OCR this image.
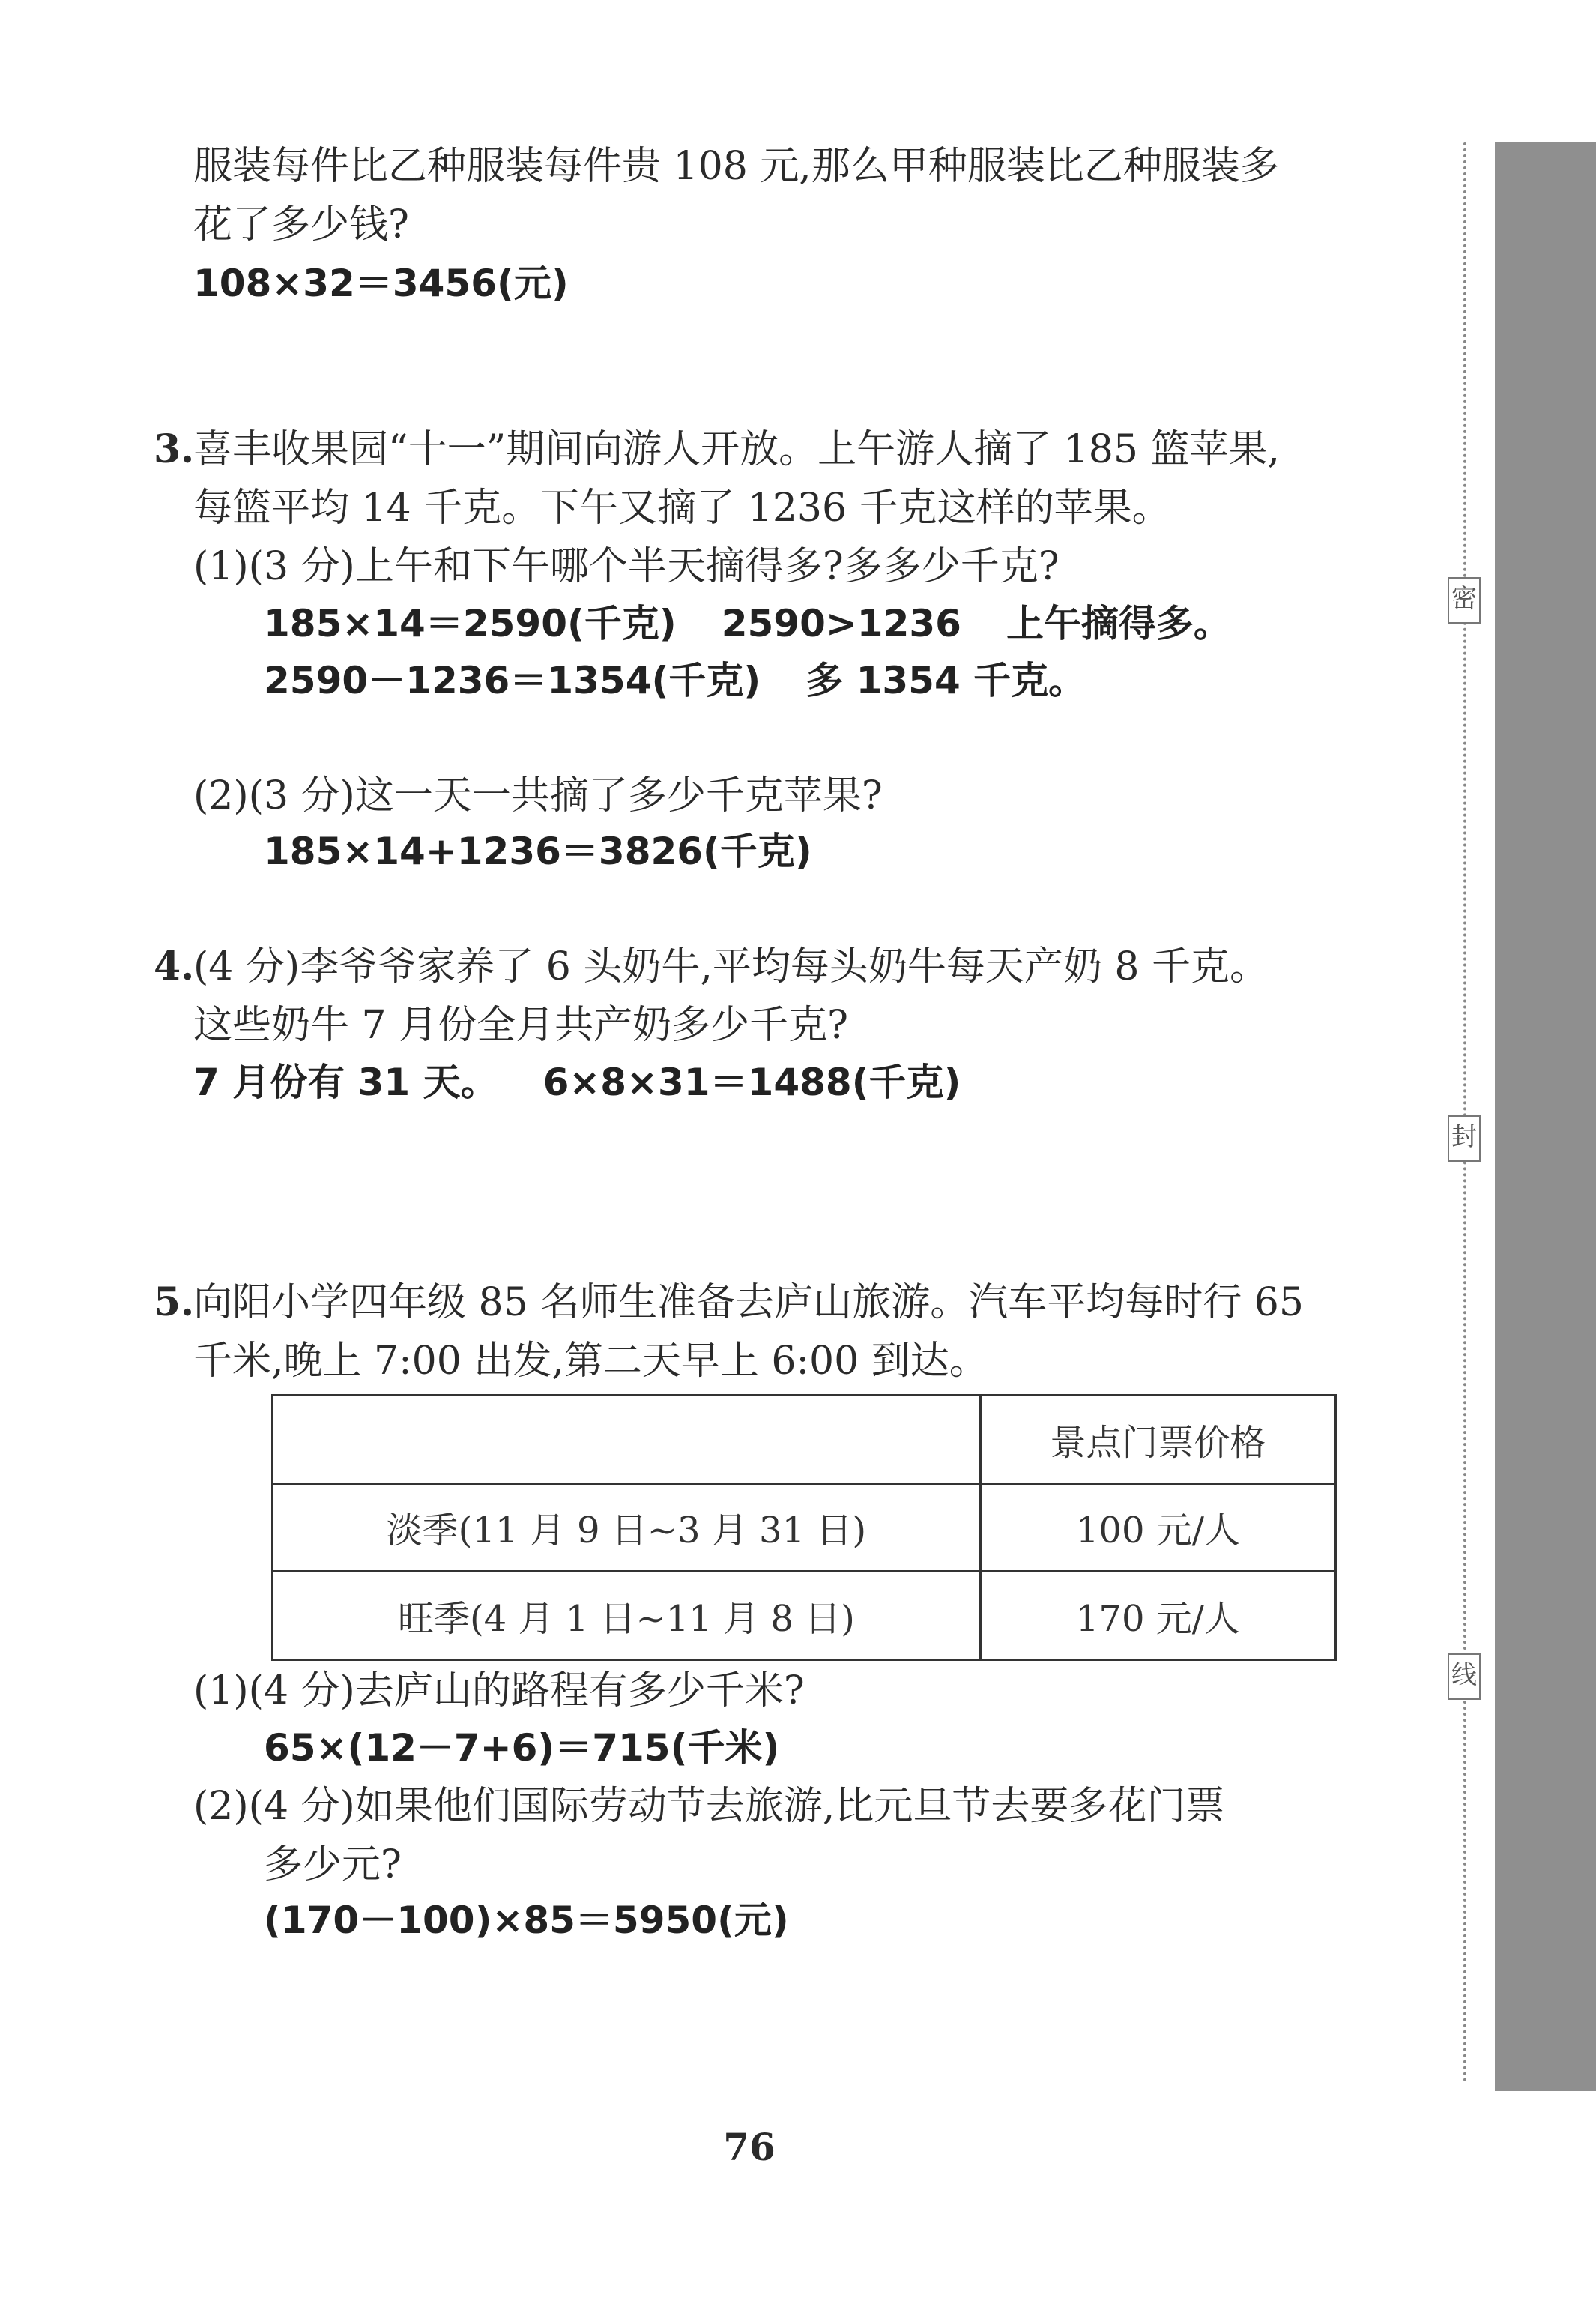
密
封
线
服装每件比乙种服装每件贵 108 元,那么甲种服装比乙种服装多
花了多少钱?
108×32＝3456(元)
3.
喜丰收果园“十一”期间向游人开放。上午游人摘了 185 篮苹果,
每篮平均 14 千克。下午又摘了 1236 千克这样的苹果。
(1)(3 分)上午和下午哪个半天摘得多?多多少千克?
185×14＝2590(千克) 2590>1236 上午摘得多。
2590－1236＝1354(千克) 多 1354 千克。
(2)(3 分)这一天一共摘了多少千克苹果?
185×14+1236＝3826(千克)
4.
(4 分)李爷爷家养了 6 头奶牛,平均每头奶牛每天产奶 8 千克。
这些奶牛 7 月份全月共产奶多少千克?
7 月份有 31 天。 6×8×31＝1488(千克)
5.
向阳小学四年级 85 名师生准备去庐山旅游。汽车平均每时行 65
千米,晚上 7:00 出发,第二天早上 6:00 到达。
	景点门票价格
淡季(11 月 9 日~3 月 31 日)	100 元/人
旺季(4 月 1 日~11 月 8 日)	170 元/人
(1)(4 分)去庐山的路程有多少千米?
65×(12－7+6)＝715(千米)
(2)(4 分)如果他们国际劳动节去旅游,比元旦节去要多花门票
多少元?
(170－100)×85＝5950(元)
76
